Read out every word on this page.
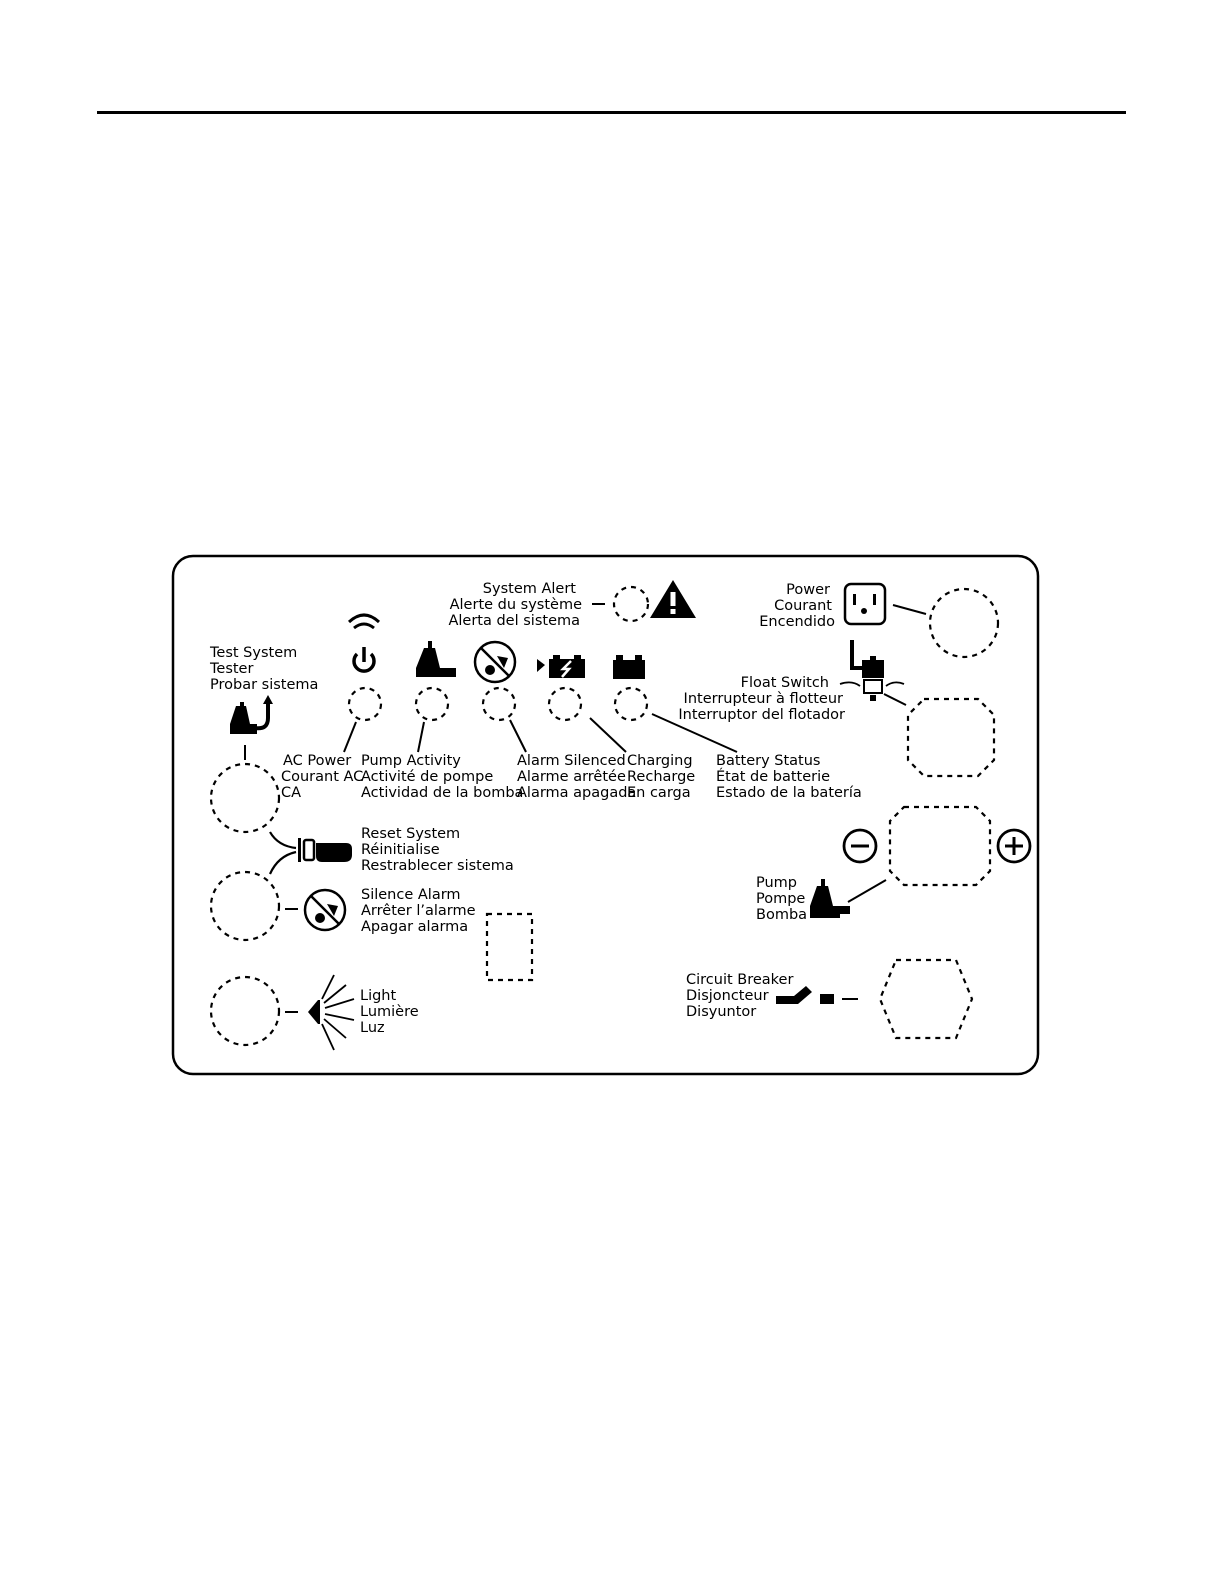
System Alert
Alerte du système
Alerta del sistema
Power
Courant
Encendido
Test System
Tester
Probar sistema
AC Power
Courant AC
CA
Pump Activity
Activité de pompe
Actividad de la bomba
Alarm Silenced
Alarme arrêtée
Alarma apagada
Charging
Recharge
En carga
Battery Status
État de batterie
Estado de la batería
Float Switch
Interrupteur à flotteur
Interruptor del flotador
Reset System
Réinitialise
Restrablecer sistema
Silence Alarm
Arrêter l’alarme
Apagar alarma
Light
Lumière
Luz
Pump
Pompe
Bomba
Circuit Breaker
Disjoncteur
Disyuntor
